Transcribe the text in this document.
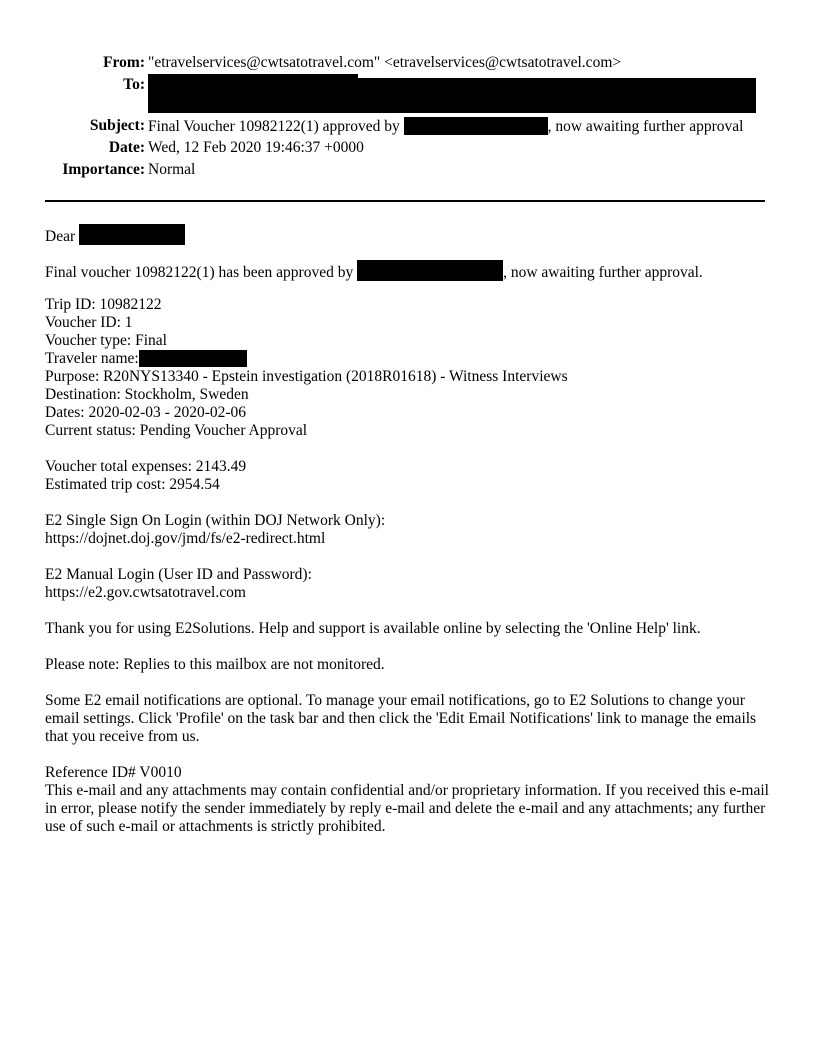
From: "etravelservices@cwtsatotravel.com" <etravelservices@cwtsatotravel.com>
To:
Subject: Final Voucher 10982122(1) approved by	, now awaiting further approval
Date: Wed, 12 Feb 2020 19:46:37 +0000
Importance: Normal
Dear
Final voucher 10982122(1) has been approved by	, now awaiting further approval.
Trip ID: 10982122
Voucher ID: 1
Voucher type: Final
Traveler name:
Purpose: R20NYS13340 - Epstein investigation (2018R01618) - Witness Interviews
Destination: Stockholm, Sweden
Dates: 2020-02-03 - 2020-02-06
Current status: Pending Voucher Approval
Voucher total expenses: 2143.49
Estimated trip cost: 2954.54
E2 Single Sign On Login (within DOJ Network Only):
https://dojnet.doj.gov/jmd/fs/e2-redirect.html
E2 Manual Login (User ID and Password):
https://e2.gov.cwtsatotravel.com
Thank you for using E2Solutions. Help and support is available online by selecting the 'Online Help' link.
Please note: Replies to this mailbox are not monitored.
Some E2 email notifications are optional. To manage your email notifications, go to E2 Solutions to change your email settings. Click 'Profile' on the task bar and then click the 'Edit Email Notifications' link to manage the emails that you receive from us.
Reference ID# V0010
This e-mail and any attachments may contain confidential and/or proprietary information. If you received this e-mail in error, please notify the sender immediately by reply e-mail and delete the e-mail and any attachments; any further use of such e-mail or attachments is strictly prohibited.
